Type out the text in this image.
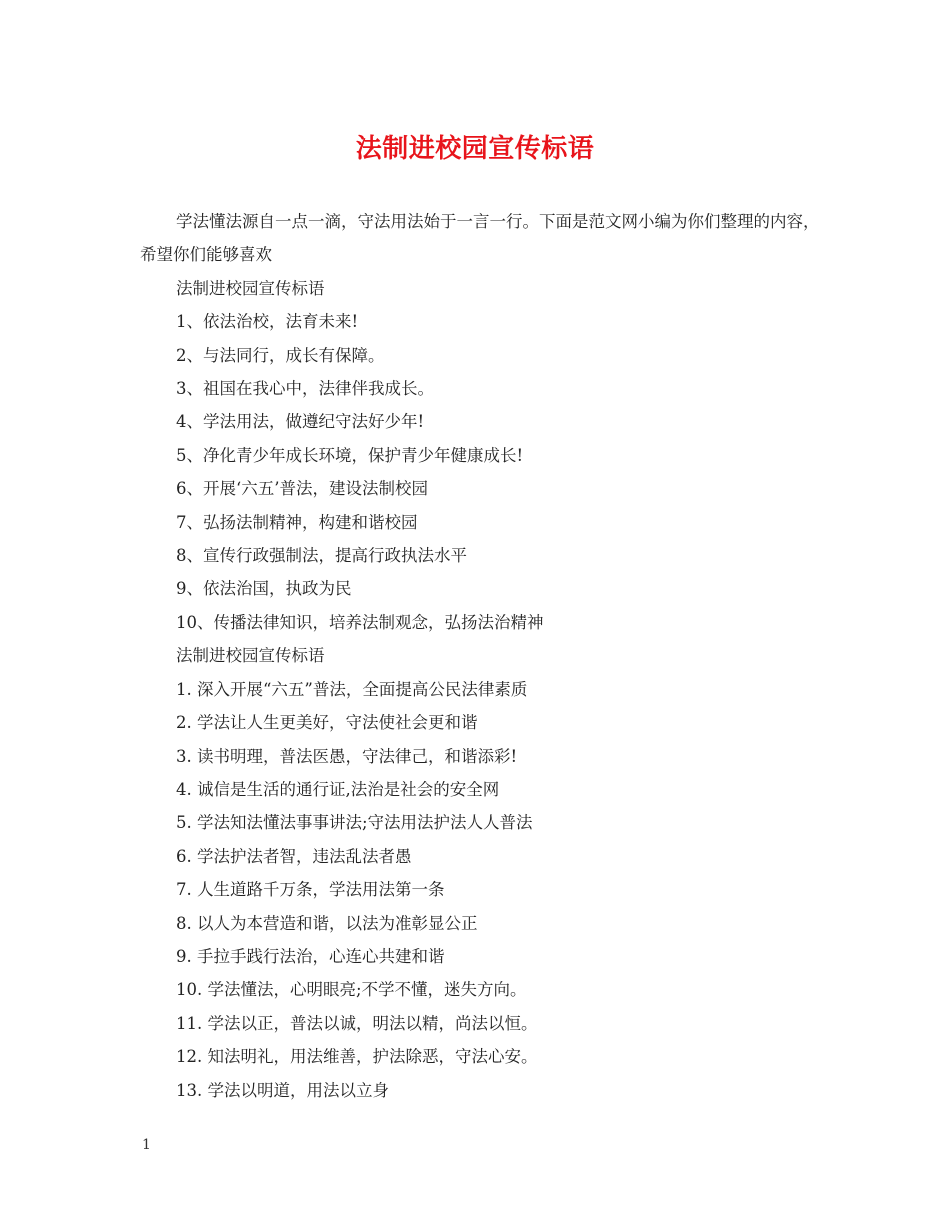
法制进校园宣传标语

学法懂法源自一点一滴，守法用法始于一言一行。下面是范文网小编为你们整理的内容，希望你们能够喜欢

法制进校园宣传标语

1、依法治校，法育未来!

2、与法同行，成长有保障。

3、祖国在我心中，法律伴我成长。

4、学法用法，做遵纪守法好少年!

5、净化青少年成长环境，保护青少年健康成长!

6、开展‘六五’普法，建设法制校园

7、弘扬法制精神，构建和谐校园

8、宣传行政强制法，提高行政执法水平

9、依法治国，执政为民

10、传播法律知识，培养法制观念，弘扬法治精神

法制进校园宣传标语

1. 深入开展“六五”普法，全面提高公民法律素质

2. 学法让人生更美好，守法使社会更和谐

3. 读书明理，普法医愚，守法律己，和谐添彩!

4. 诚信是生活的通行证,法治是社会的安全网

5. 学法知法懂法事事讲法;守法用法护法人人普法

6. 学法护法者智，违法乱法者愚

7. 人生道路千万条，学法用法第一条

8. 以人为本营造和谐，以法为准彰显公正

9. 手拉手践行法治，心连心共建和谐

10. 学法懂法，心明眼亮;不学不懂，迷失方向。

11. 学法以正，普法以诚，明法以精，尚法以恒。

12. 知法明礼，用法维善，护法除恶，守法心安。

13. 学法以明道，用法以立身

1
